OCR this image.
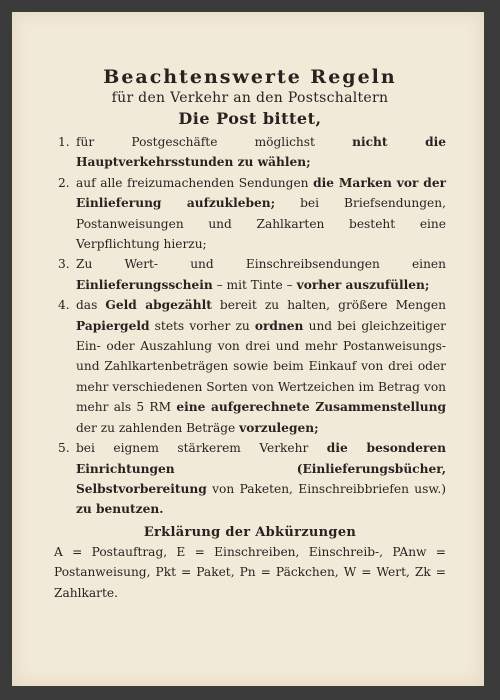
Beachtenswerte Regeln

für den Verkehr an den Postschaltern

Die Post bittet,

1. für Postgeschäfte möglichst nicht die Hauptverkehrsstunden zu wählen;
2. auf alle freizumachenden Sendungen die Marken vor der Einlieferung aufzukleben; bei Briefsendungen, Postanweisungen und Zahlkarten besteht eine Verpflichtung hierzu;
3. Zu Wert- und Einschreibsendungen einen Einlieferungsschein – mit Tinte – vorher auszufüllen;
4. das Geld abgezählt bereit zu halten, größere Mengen Papiergeld stets vorher zu ordnen und bei gleichzeitiger Ein- oder Auszahlung von drei und mehr Postanweisungs- und Zahlkartenbeträgen sowie beim Einkauf von drei oder mehr verschiedenen Sorten von Wertzeichen im Betrag von mehr als 5 RM eine aufgerechnete Zusammenstellung der zu zahlenden Beträge vorzulegen;
5. bei eignem stärkerem Verkehr die besonderen Einrichtungen (Einlieferungsbücher, Selbstvorbereitung von Paketen, Einschreibbriefen usw.) zu benutzen.

Erklärung der Abkürzungen

A = Postauftrag, E = Einschreiben, Einschreib-, PAnw = Postanweisung, Pkt = Paket, Pn = Päckchen, W = Wert, Zk = Zahlkarte.
